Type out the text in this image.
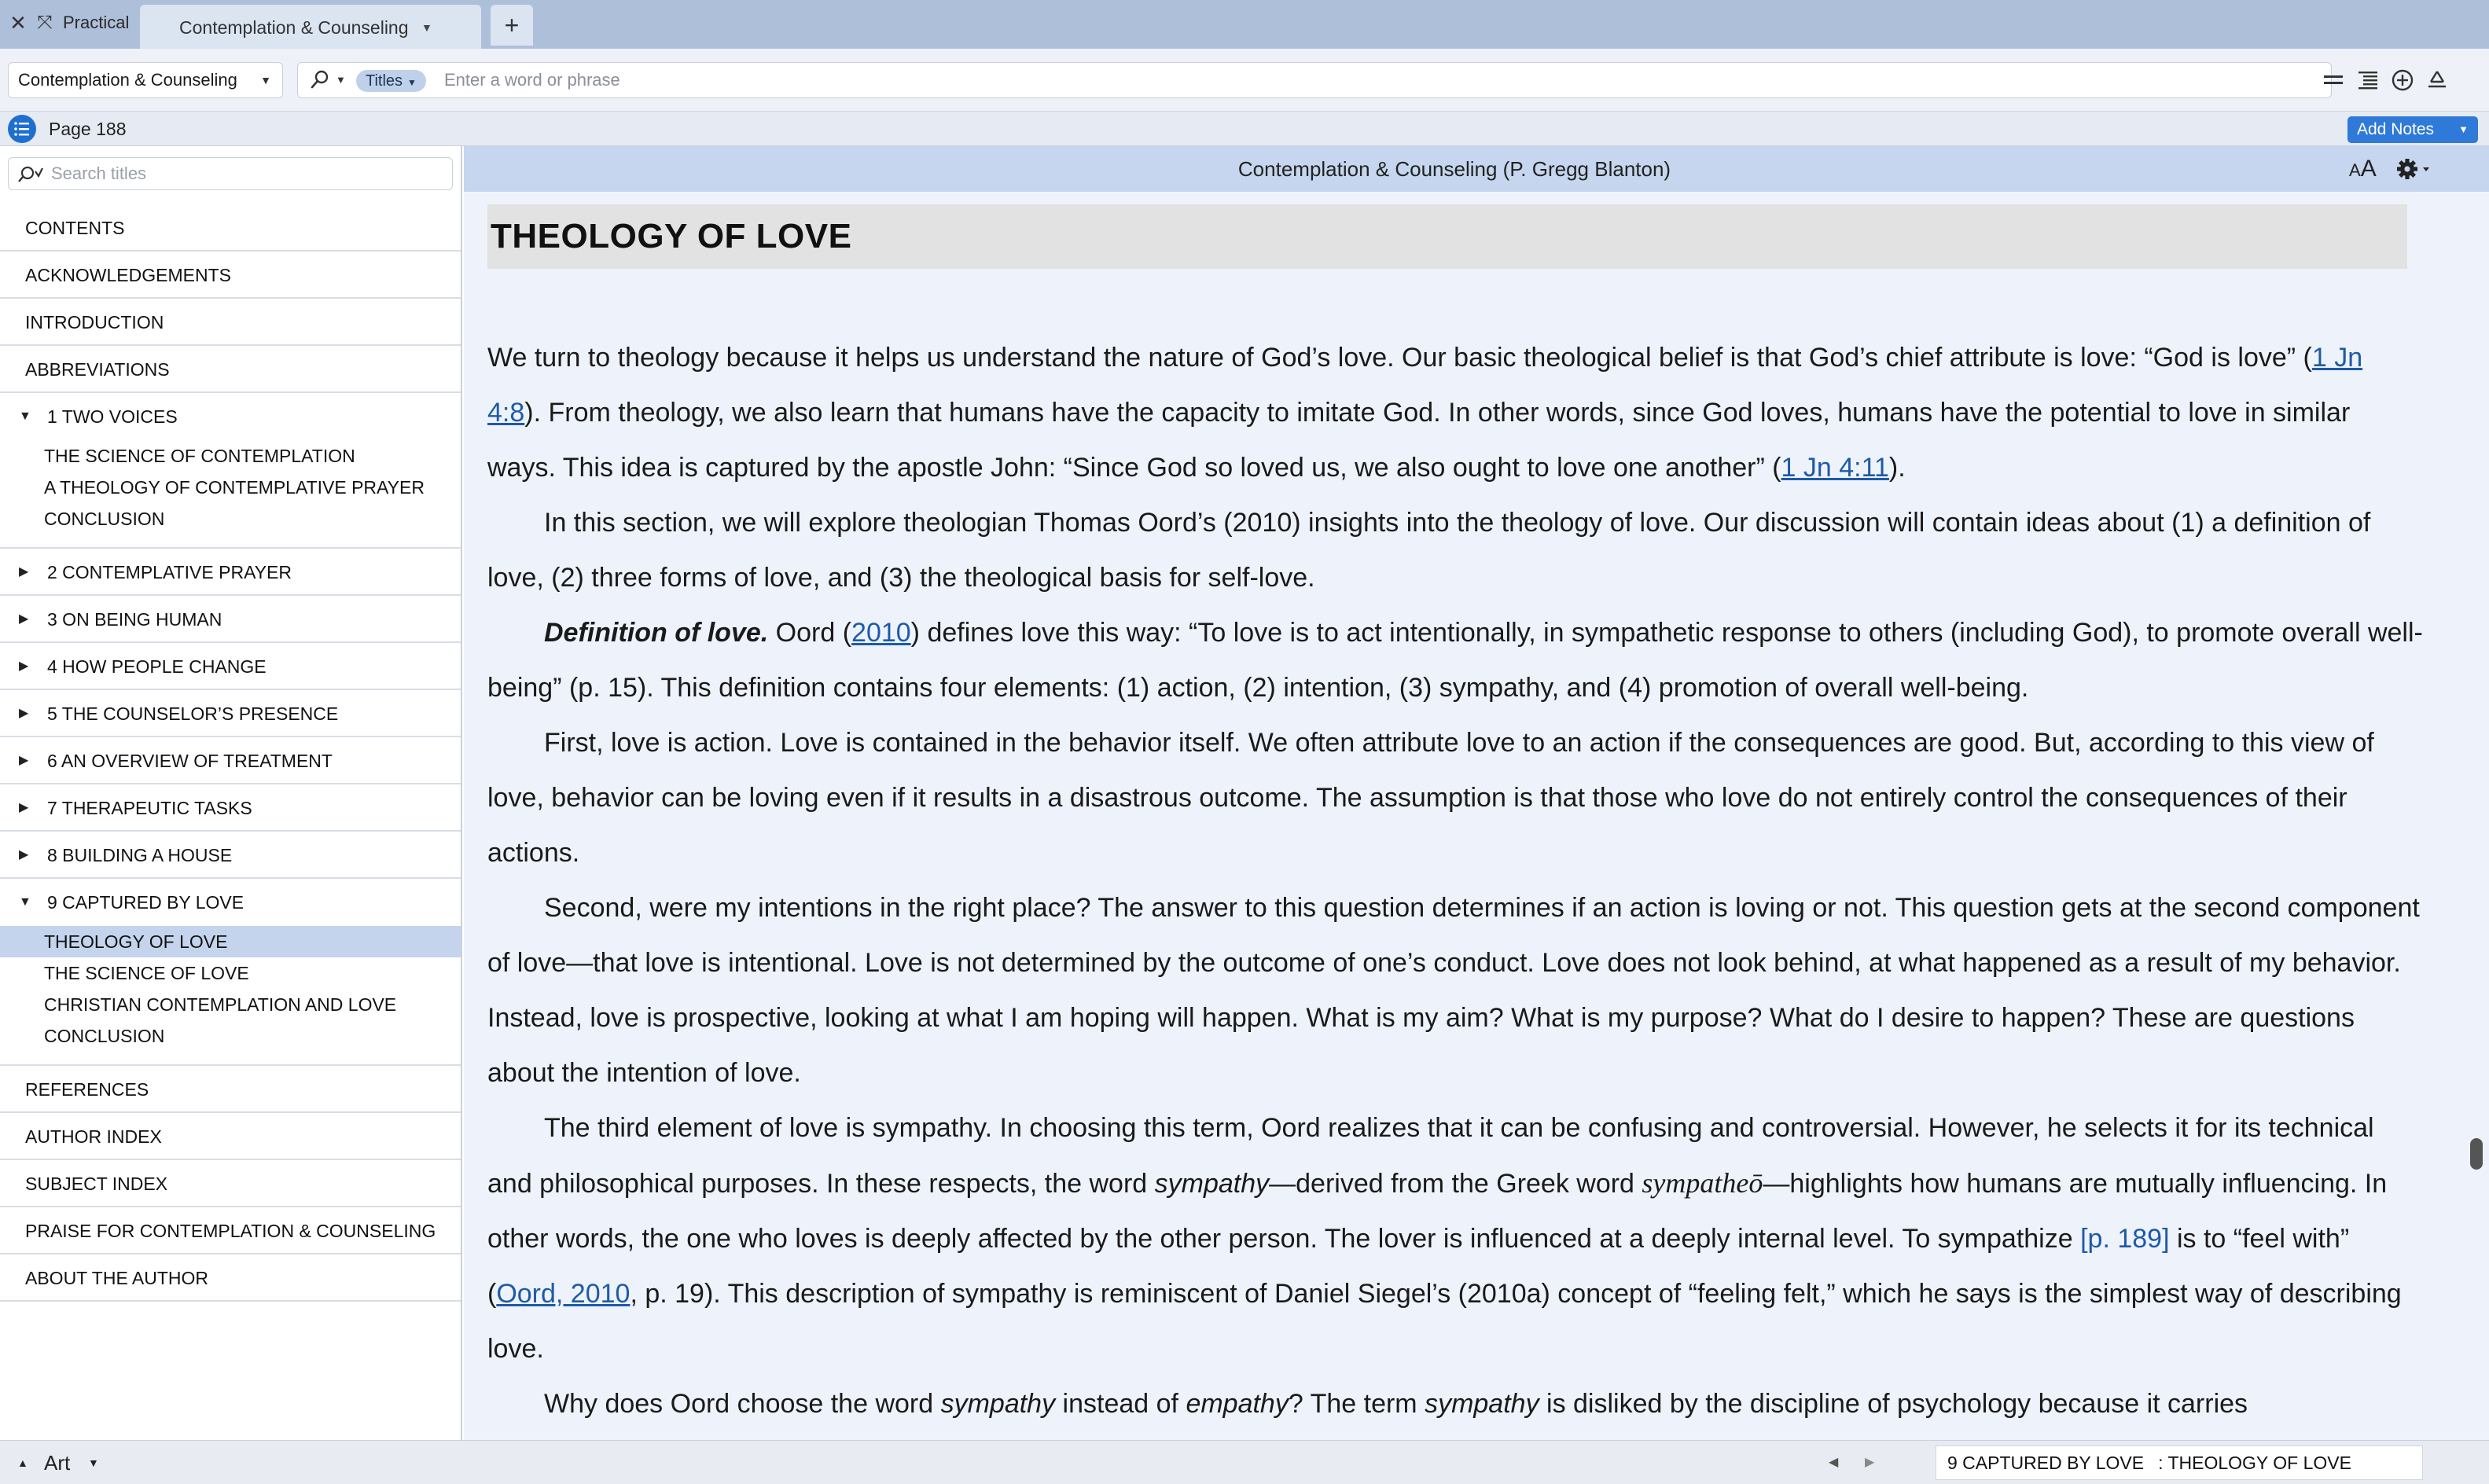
✕ ⤧ Practical	Contemplation & Counseling ▼	+
Contemplation & Counseling ▼	▼	Titles ▼
Enter a word or phrase
Page 188	Add Notes ▼
Search titles
CONTENTS
ACKNOWLEDGEMENTS
INTRODUCTION
ABBREVIATIONS
▼ 1 TWO VOICES
THE SCIENCE OF CONTEMPLATION
A THEOLOGY OF CONTEMPLATIVE PRAYER
CONCLUSION
▶ 2 CONTEMPLATIVE PRAYER
▶ 3 ON BEING HUMAN
▶ 4 HOW PEOPLE CHANGE
▶ 5 THE COUNSELOR’S PRESENCE
▶ 6 AN OVERVIEW OF TREATMENT
▶ 7 THERAPEUTIC TASKS
▶ 8 BUILDING A HOUSE
▼ 9 CAPTURED BY LOVE
THEOLOGY OF LOVE
THE SCIENCE OF LOVE
CHRISTIAN CONTEMPLATION AND LOVE
CONCLUSION
REFERENCES
AUTHOR INDEX
SUBJECT INDEX
PRAISE FOR CONTEMPLATION & COUNSELING
ABOUT THE AUTHOR
Contemplation & Counseling (P. Gregg Blanton)	AA
THEOLOGY OF LOVE

We turn to theology because it helps us understand the nature of God’s love. Our basic theological belief is that God’s chief attribute is love: “God is love” (1 Jn 4:8). From theology, we also learn that humans have the capacity to imitate God. In other words, since God loves, humans have the potential to love in similar ways. This idea is captured by the apostle John: “Since God so loved us, we also ought to love one another” (1 Jn 4:11).

In this section, we will explore theologian Thomas Oord’s (2010) insights into the theology of love. Our discussion will contain ideas about (1) a definition of love, (2) three forms of love, and (3) the theological basis for self-love.

Definition of love. Oord (2010) defines love this way: “To love is to act intentionally, in sympathetic response to others (including God), to promote overall well-being” (p. 15). This definition contains four elements: (1) action, (2) intention, (3) sympathy, and (4) promotion of overall well-being.

First, love is action. Love is contained in the behavior itself. We often attribute love to an action if the consequences are good. But, according to this view of love, behavior can be loving even if it results in a disastrous outcome. The assumption is that those who love do not entirely control the consequences of their actions.

Second, were my intentions in the right place? The answer to this question determines if an action is loving or not. This question gets at the second component of love—that love is intentional. Love is not determined by the outcome of one’s conduct. Love does not look behind, at what happened as a result of my behavior. Instead, love is prospective, looking at what I am hoping will happen. What is my aim? What is my purpose? What do I desire to happen? These are questions about the intention of love.

The third element of love is sympathy. In choosing this term, Oord realizes that it can be confusing and controversial. However, he selects it for its technical and philosophical purposes. In these respects, the word sympathy—derived from the Greek word sympatheō—highlights how humans are mutually influencing. In other words, the one who loves is deeply affected by the other person. The lover is influenced at a deeply internal level. To sympathize [p. 189] is to “feel with” (Oord, 2010, p. 19). This description of sympathy is reminiscent of Daniel Siegel’s (2010a) concept of “feeling felt,” which he says is the simplest way of describing love.

Why does Oord choose the word sympathy instead of empathy? The term sympathy is disliked by the discipline of psychology because it carries

▲ Art ▼	◀ ▶	9 CAPTURED BY LOVE : THEOLOGY OF LOVE
